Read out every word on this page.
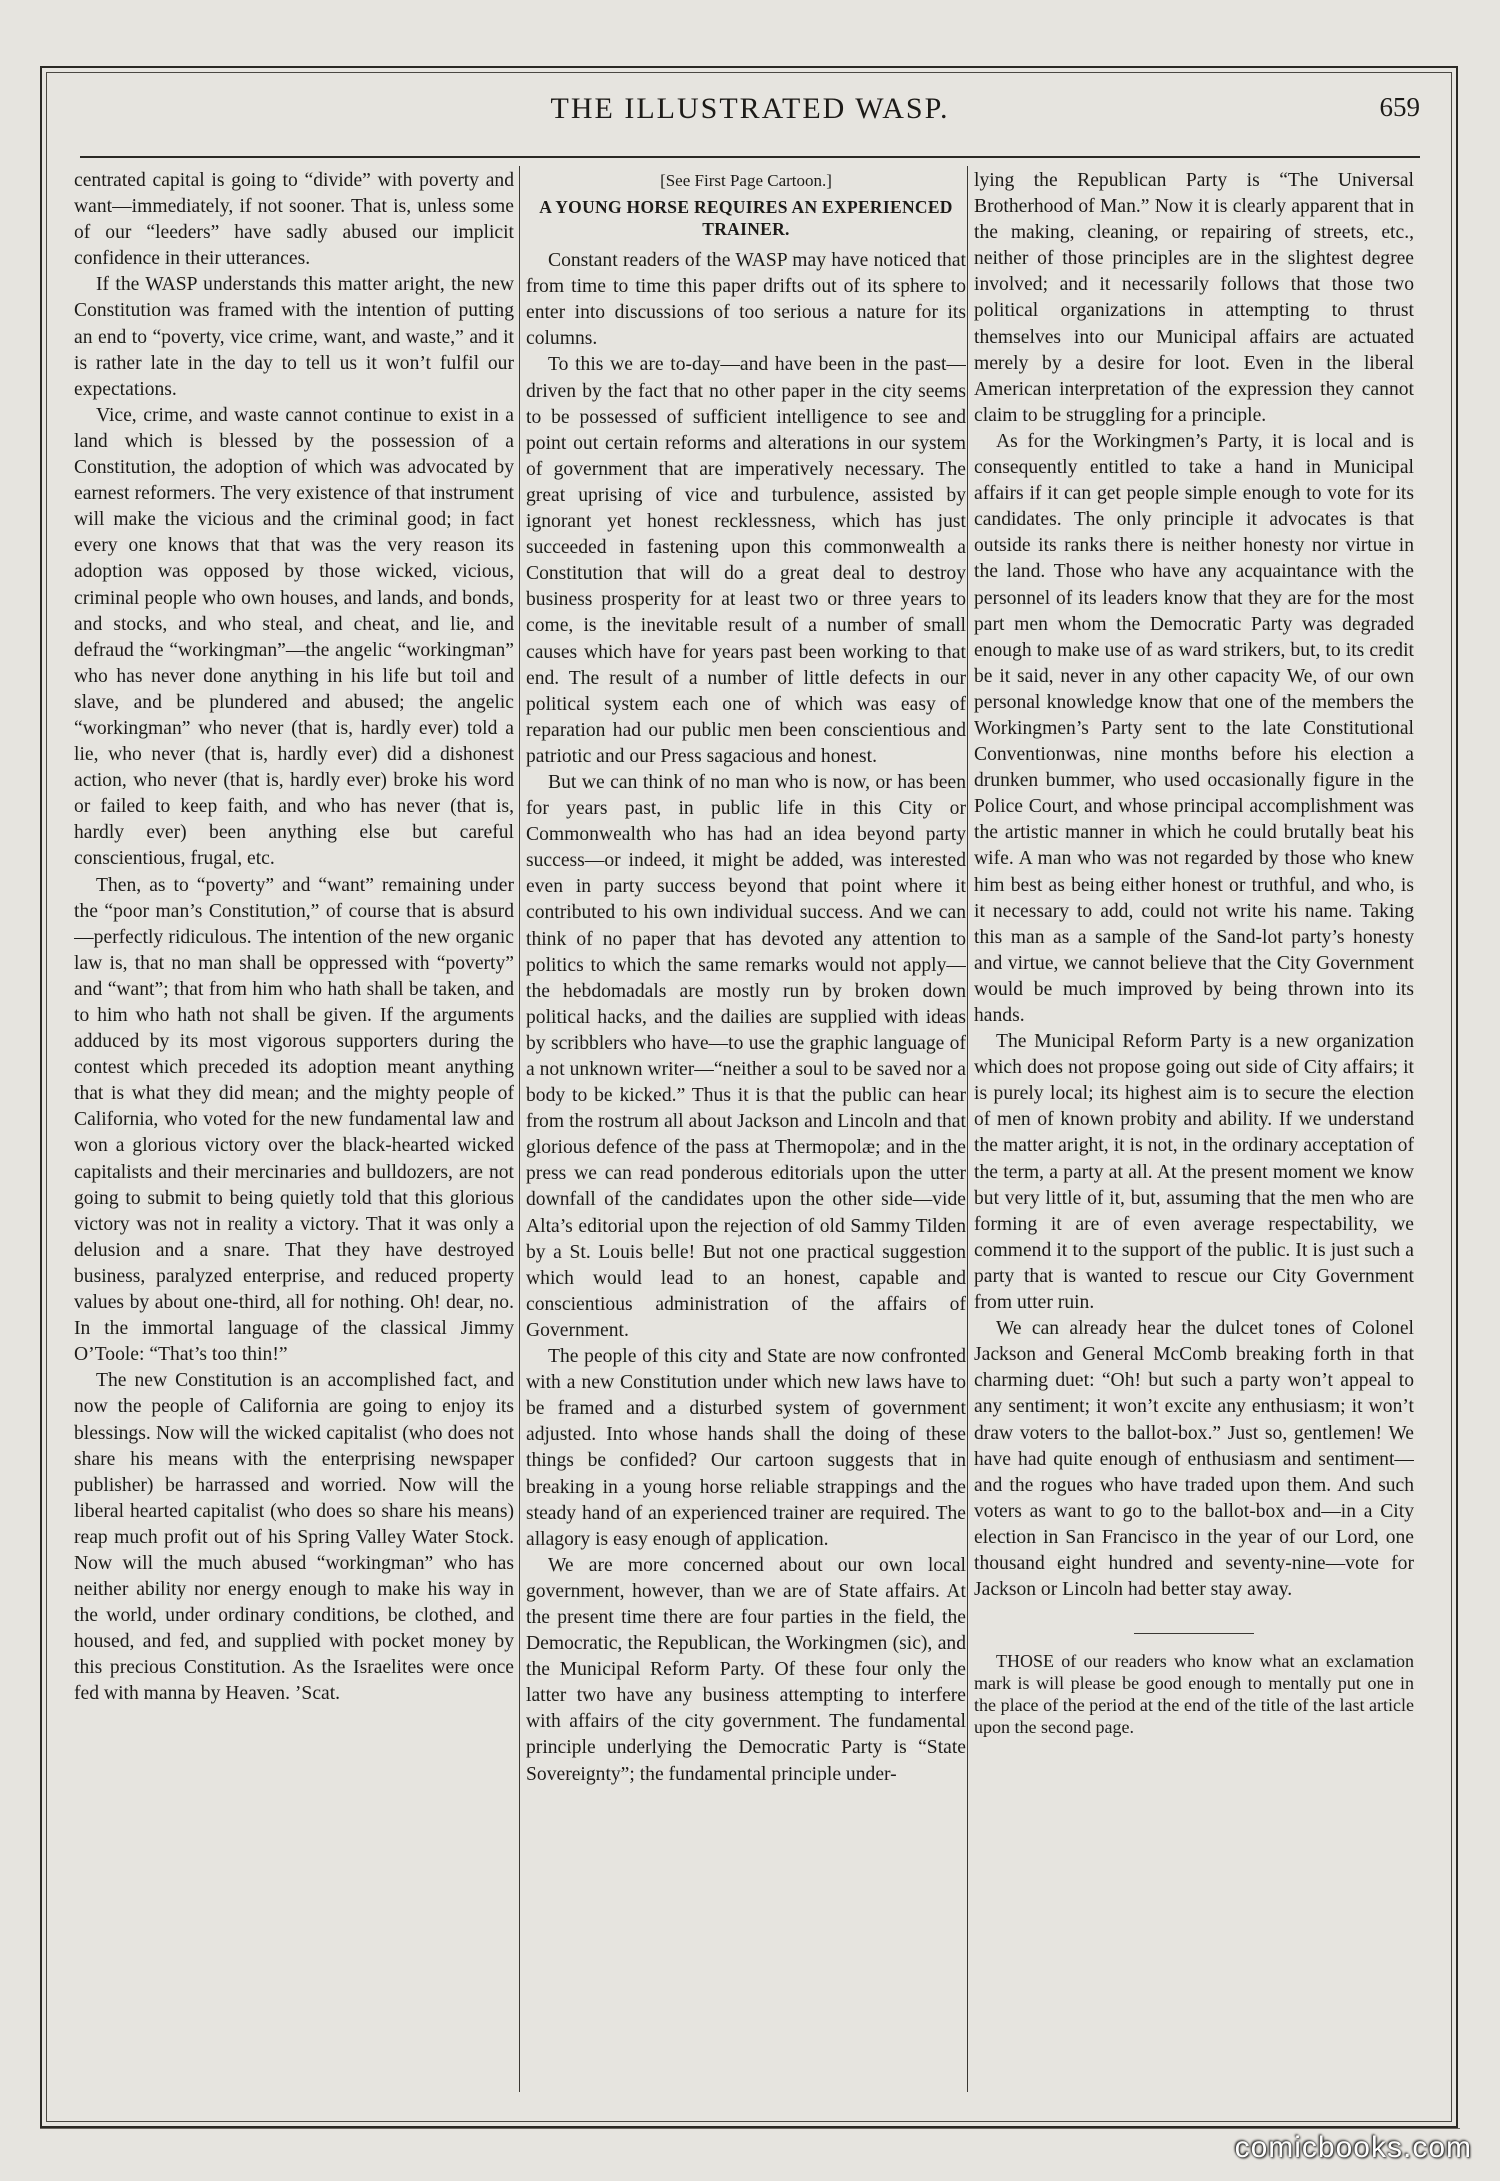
THE ILLUSTRATED WASP.	659

centrated capital is going to “divide” with poverty and want—immediately, if not sooner. That is, unless some of our “leeders” have sadly abused our implicit confidence in their utterances.

If the WASP understands this matter aright, the new Constitution was framed with the intention of putting an end to “poverty, vice crime, want, and waste,” and it is rather late in the day to tell us it won’t fulfil our expectations.

Vice, crime, and waste cannot continue to exist in a land which is blessed by the possession of a Constitution, the adoption of which was advocated by earnest reformers. The very existence of that instrument will make the vicious and the criminal good; in fact every one knows that that was the very reason its adoption was opposed by those wicked, vicious, criminal people who own houses, and lands, and bonds, and stocks, and who steal, and cheat, and lie, and defraud the “workingman”—the angelic “workingman” who has never done anything in his life but toil and slave, and be plundered and abused; the angelic “workingman” who never (that is, hardly ever) told a lie, who never (that is, hardly ever) did a dishonest action, who never (that is, hardly ever) broke his word or failed to keep faith, and who has never (that is, hardly ever) been anything else but careful conscientious, frugal, etc.

Then, as to “poverty” and “want” remaining under the “poor man’s Constitution,” of course that is absurd—perfectly ridiculous. The intention of the new organic law is, that no man shall be oppressed with “poverty” and “want”; that from him who hath shall be taken, and to him who hath not shall be given. If the arguments adduced by its most vigorous supporters during the contest which preceded its adoption meant anything that is what they did mean; and the mighty people of California, who voted for the new fundamental law and won a glorious victory over the black-hearted wicked capitalists and their mercinaries and bulldozers, are not going to submit to being quietly told that this glorious victory was not in reality a victory. That it was only a delusion and a snare. That they have destroyed business, paralyzed enterprise, and reduced property values by about one-third, all for nothing. Oh! dear, no. In the immortal language of the classical Jimmy O’Toole: “That’s too thin!”

The new Constitution is an accomplished fact, and now the people of California are going to enjoy its blessings. Now will the wicked capitalist (who does not share his means with the enterprising newspaper publisher) be harrassed and worried. Now will the liberal hearted capitalist (who does so share his means) reap much profit out of his Spring Valley Water Stock. Now will the much abused “workingman” who has neither ability nor energy enough to make his way in the world, under ordinary conditions, be clothed, and housed, and fed, and supplied with pocket money by this precious Constitution. As the Israelites were once fed with manna by Heaven. ’Scat.

[See First Page Cartoon.]
A YOUNG HORSE REQUIRES AN EXPERIENCED TRAINER.

Constant readers of the WASP may have noticed that from time to time this paper drifts out of its sphere to enter into discussions of too serious a nature for its columns.

To this we are to-day—and have been in the past—driven by the fact that no other paper in the city seems to be possessed of sufficient intelligence to see and point out certain reforms and alterations in our system of government that are imperatively necessary. The great uprising of vice and turbulence, assisted by ignorant yet honest recklessness, which has just succeeded in fastening upon this commonwealth a Constitution that will do a great deal to destroy business prosperity for at least two or three years to come, is the inevitable result of a number of small causes which have for years past been working to that end. The result of a number of little defects in our political system each one of which was easy of reparation had our public men been conscientious and patriotic and our Press sagacious and honest.

But we can think of no man who is now, or has been for years past, in public life in this City or Commonwealth who has had an idea beyond party success—or indeed, it might be added, was interested even in party success beyond that point where it contributed to his own individual success. And we can think of no paper that has devoted any attention to politics to which the same remarks would not apply—the hebdomadals are mostly run by broken down political hacks, and the dailies are supplied with ideas by scribblers who have—to use the graphic language of a not unknown writer—“neither a soul to be saved nor a body to be kicked.” Thus it is that the public can hear from the rostrum all about Jackson and Lincoln and that glorious defence of the pass at Thermopolæ; and in the press we can read ponderous editorials upon the utter downfall of the candidates upon the other side—vide Alta’s editorial upon the rejection of old Sammy Tilden by a St. Louis belle! But not one practical suggestion which would lead to an honest, capable and conscientious administration of the affairs of Government.

The people of this city and State are now confronted with a new Constitution under which new laws have to be framed and a disturbed system of government adjusted. Into whose hands shall the doing of these things be confided? Our cartoon suggests that in breaking in a young horse reliable strappings and the steady hand of an experienced trainer are required. The allagory is easy enough of application.

We are more concerned about our own local government, however, than we are of State affairs. At the present time there are four parties in the field, the Democratic, the Republican, the Workingmen (sic), and the Municipal Reform Party. Of these four only the latter two have any business attempting to interfere with affairs of the city government. The fundamental principle underlying the Democratic Party is “State Sovereignty”; the fundamental principle under-

lying the Republican Party is “The Universal Brotherhood of Man.” Now it is clearly apparent that in the making, cleaning, or repairing of streets, etc., neither of those principles are in the slightest degree involved; and it necessarily follows that those two political organizations in attempting to thrust themselves into our Municipal affairs are actuated merely by a desire for loot. Even in the liberal American interpretation of the expression they cannot claim to be struggling for a principle.

As for the Workingmen’s Party, it is local and is consequently entitled to take a hand in Municipal affairs if it can get people simple enough to vote for its candidates. The only principle it advocates is that outside its ranks there is neither honesty nor virtue in the land. Those who have any acquaintance with the personnel of its leaders know that they are for the most part men whom the Democratic Party was degraded enough to make use of as ward strikers, but, to its credit be it said, never in any other capacity We, of our own personal knowledge know that one of the members the Workingmen’s Party sent to the late Constitutional Conventionwas, nine months before his election a drunken bummer, who used occasionally figure in the Police Court, and whose principal accomplishment was the artistic manner in which he could brutally beat his wife. A man who was not regarded by those who knew him best as being either honest or truthful, and who, is it necessary to add, could not write his name. Taking this man as a sample of the Sand-lot party’s honesty and virtue, we cannot believe that the City Government would be much improved by being thrown into its hands.

The Municipal Reform Party is a new organization which does not propose going out side of City affairs; it is purely local; its highest aim is to secure the election of men of known probity and ability. If we understand the matter aright, it is not, in the ordinary acceptation of the term, a party at all. At the present moment we know but very little of it, but, assuming that the men who are forming it are of even average respectability, we commend it to the support of the public. It is just such a party that is wanted to rescue our City Government from utter ruin.

We can already hear the dulcet tones of Colonel Jackson and General McComb breaking forth in that charming duet: “Oh! but such a party won’t appeal to any sentiment; it won’t excite any enthusiasm; it won’t draw voters to the ballot-box.” Just so, gentlemen! We have had quite enough of enthusiasm and sentiment—and the rogues who have traded upon them. And such voters as want to go to the ballot-box and—in a City election in San Francisco in the year of our Lord, one thousand eight hundred and seventy-nine—vote for Jackson or Lincoln had better stay away.

THOSE of our readers who know what an exclamation mark is will please be good enough to mentally put one in the place of the period at the end of the title of the last article upon the second page.

comicbooks.com
